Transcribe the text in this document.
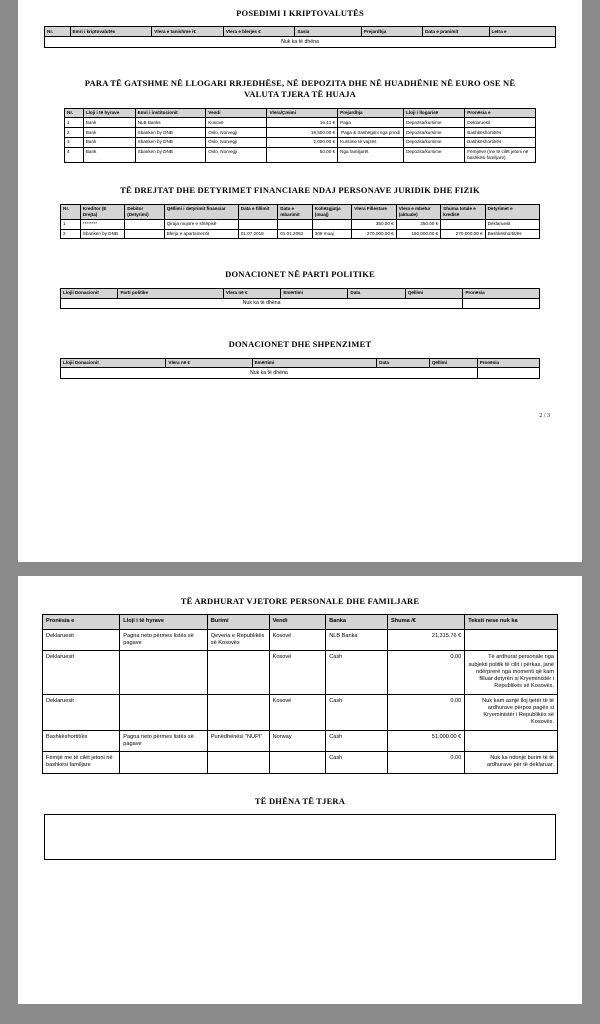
POSEDIMI I KRIPTOVALUTËS
Nr.	Emri i kriptovalutës	Vlera e tanishme /€	Vlera e blerjes €	Sasia	Prejardhja	Data e pranimit	Letra e
Nuk ka të dhëna
PARA TË GATSHME NË LLOGARI RRJEDHËSE, NË DEPOZITA DHE NË HUADHËNIE NË EURO OSE NË VALUTA TJERA TË HUAJA
Nr.	Lloji i të hyrave	Emri i institucionit	Vendi	Vlera/Çmimi	Prejardhja	Lloji i llogarisë	Pronësia e
1	Bank	NLB Banks	Kosovë	16.41 €	Paga	Depozita/kursime	Deklaruesit
2	Bank	Sbanken by DNB	Oslo, Norvegji	19,500.00 €	Paga & trashëgimi nga prindi	Depozita/kursime	Bashkëshortit/ës
3	Bank	Sbanken by DNB	Oslo, Norvegji	2,000.00 €	Kursime të vajzës	Depozita/kursime	Bashkëshortit/ës
4	Bank	Sbanken by DNB	Oslo, Norvegji	50.00 €	Nga familjarët	Depozita/kursime	Fëmijëve (me të cilët jetoni në bashkësi familjare)
TË DREJTAT DHE DETYRIMET FINANCIARE NDAJ PERSONAVE JURIDIK DHE FIZIK
Nr.	Kreditor (E Drejta)	Debitor (Detyrimi)	Qëllimi i detyrimit financiar	Data e fillimit	Data e mbarimit	Kohëzgjatja (muaj)	Vlera Fillestare	Vlera e mbetur (aktuale)	Shuma totale e kredisë	Detyrimet e
1	********		Qiraja mujore e shtëpisë				350.00 €	350.00 €		Deklaruesit
2	Sbanken by DNB		Blerja e apartamentit	01.07.2018	01.01.2052	309 muaj	270,000.00 €	160,000.00 €	270,000.00 €	Bashkëshortit/ës
DONACIONET NË PARTI POLITIKE
Llojii Donacionit	Parti politike	Vlera në €	Emërtimi	Data	Qëllimi	Pronësia
Nuk ka të dhëna						
DONACIONET DHE SHPENZIMET
Llojii Donacionit	Vlera në €	Emërtimi	Data	Qëllimi	Pronësia
Nuk ka të dhëna					
2 / 3
TË ARDHURAT VJETORE PERSONALE DHE FAMILJARE
Pronësia e	Lloji i të hyrave	Burimi	Vendi	Banka	Shuma /€	Teksti nese nuk ka
Deklaruesit	Pagna neto përmes listës së pagave	Qeveria e Republikës së Kosovës	Kosovë	NLB Banka	21,315.76 €	
Deklaruesit			Kosovë	Cash	0.00	Të ardhurat personale nga subjekti politik të cilit i përkas, janë ndërprerë nga momenti që kam filluar detyrën si Kryeministër i Republikës së Kosovës.
Deklaruesit			Kosovë	Cash	0.00	Nuk kam asnjë lloj tjetër të të ardhurave përpos pagës si Kryeministër i Republikës së Kosovës.
Bashkëshortit/ës	Pagna neto përmes listës së pagave	Punëdhënësi "NUPI"	Norway	Cash	51,000.00 €	
Fëmijë me të cilët jetoni në bashkësi familjare				Cash	0.00	Nuk ka ndonjë burim të të ardhurave për të deklaruar.
TË DHËNA TË TJERA
